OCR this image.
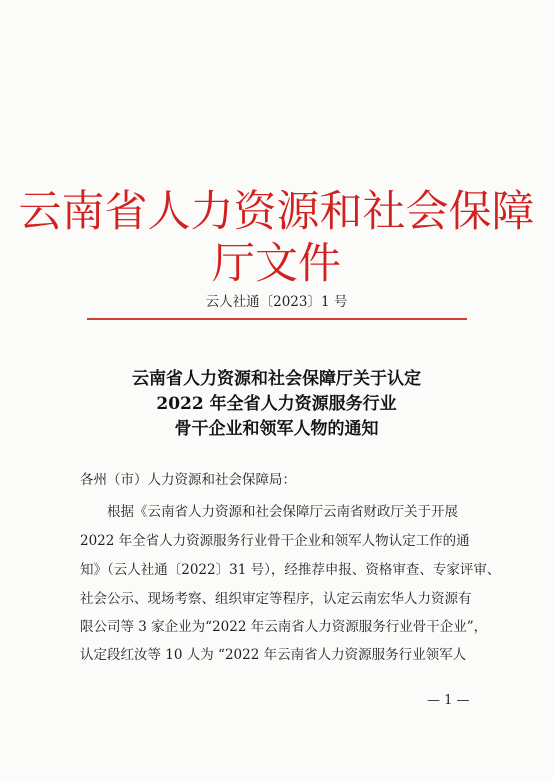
云南省人力资源和社会保障厅文件
云人社通〔2023〕1 号
云南省人力资源和社会保障厅关于认定
2022 年全省人力资源服务行业
骨干企业和领军人物的通知
各州（市）人力资源和社会保障局：
根据《云南省人力资源和社会保障厅云南省财政厅关于开展
2022 年全省人力资源服务行业骨干企业和领军人物认定工作的通
知》（云人社通〔2022〕31 号），经推荐申报、资格审查、专家评审、
社会公示、现场考察、组织审定等程序，认定云南宏华人力资源有
限公司等 3 家企业为“2022 年云南省人力资源服务行业骨干企业”，
认定段红汝等 10 人为 “2022 年云南省人力资源服务行业领军人
— 1 —
